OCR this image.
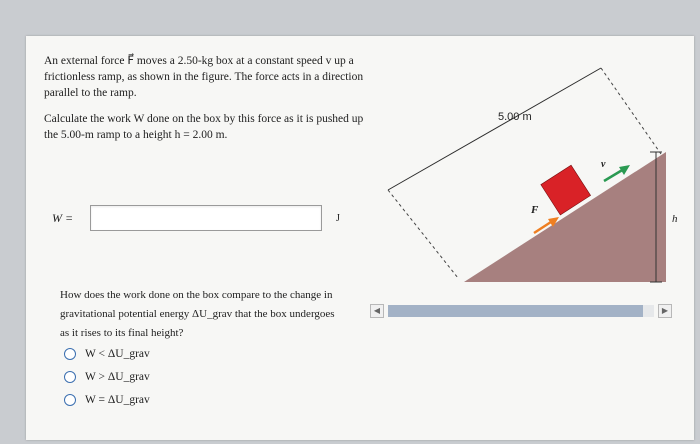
An external force F⃗ moves a 2.50-kg box at a constant speed v up a frictionless ramp, as shown in the figure. The force acts in a direction parallel to the ramp.

Calculate the work W done on the box by this force as it is pushed up the 5.00-m ramp to a height h = 2.00 m.

W =	J
5.00 m
h
F⃗
v⃗
◀	▶
How does the work done on the box compare to the change in gravitational potential energy ΔU_grav that the box undergoes as it rises to its final height?
W < ΔU_grav
W > ΔU_grav
W = ΔU_grav
